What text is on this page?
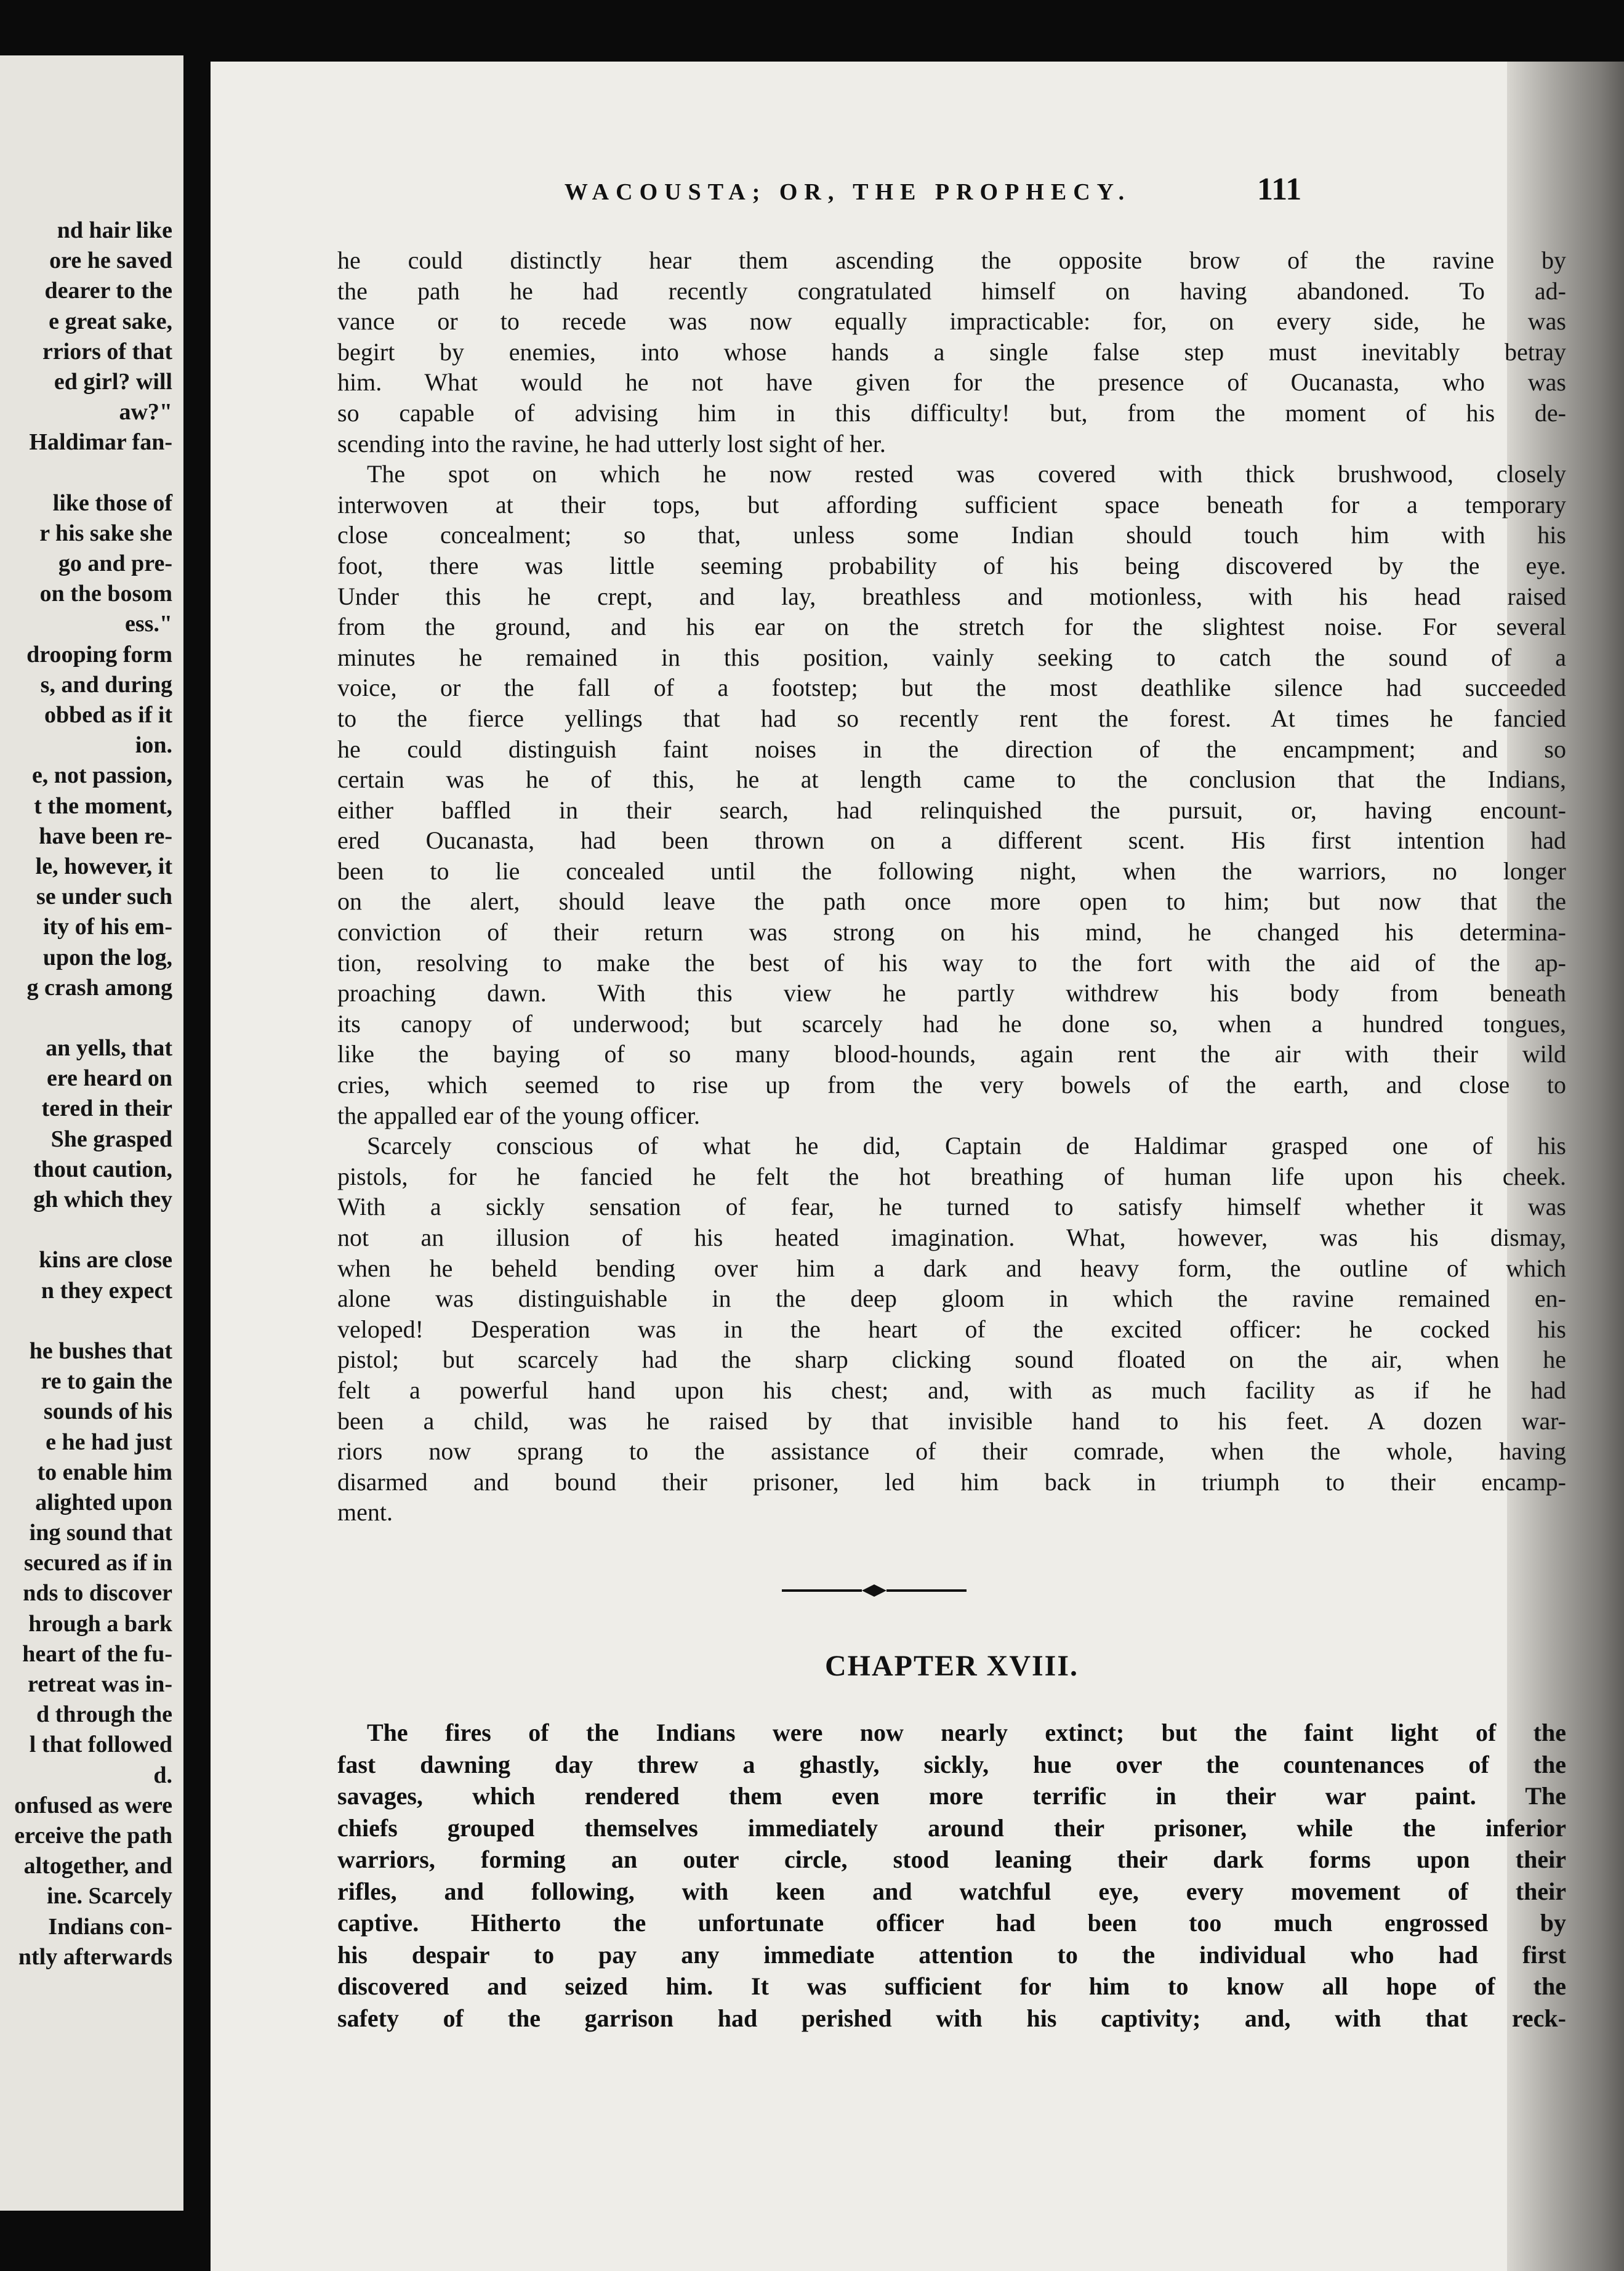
nd hair like
ore he saved
dearer to the
e great sake,
rriors of that
ed girl? will
aw?"
Haldimar fan-
like those of
r his sake she
go and pre-
on the bosom
ess."
drooping form
s, and during
obbed as if it
ion.
e, not passion,
t the moment,
have been re-
le, however, it
se under such
ity of his em-
upon the log,
g crash among
an yells, that
ere heard on
tered in their
She grasped
thout caution,
gh which they
kins are close
n they expect
he bushes that
re to gain the
sounds of his
e he had just
to enable him
alighted upon
ing sound that
secured as if in
nds to discover
hrough a bark
heart of the fu-
retreat was in-
d through the
l that followed
d.
onfused as were
erceive the path
altogether, and
ine. Scarcely
Indians con-
ntly afterwards
WACOUSTA; OR, THE PROPHECY.	111
he could distinctly hear them ascending the opposite brow of the ravine by
the path he had recently congratulated himself on having abandoned. To ad-
vance or to recede was now equally impracticable: for, on every side, he was
begirt by enemies, into whose hands a single false step must inevitably betray
him. What would he not have given for the presence of Oucanasta, who was
so capable of advising him in this difficulty! but, from the moment of his de-
scending into the ravine, he had utterly lost sight of her.
The spot on which he now rested was covered with thick brushwood, closely
interwoven at their tops, but affording sufficient space beneath for a temporary
close concealment; so that, unless some Indian should touch him with his
foot, there was little seeming probability of his being discovered by the eye.
Under this he crept, and lay, breathless and motionless, with his head raised
from the ground, and his ear on the stretch for the slightest noise. For several
minutes he remained in this position, vainly seeking to catch the sound of a
voice, or the fall of a footstep; but the most deathlike silence had succeeded
to the fierce yellings that had so recently rent the forest. At times he fancied
he could distinguish faint noises in the direction of the encampment; and so
certain was he of this, he at length came to the conclusion that the Indians,
either baffled in their search, had relinquished the pursuit, or, having encount-
ered Oucanasta, had been thrown on a different scent. His first intention had
been to lie concealed until the following night, when the warriors, no longer
on the alert, should leave the path once more open to him; but now that the
conviction of their return was strong on his mind, he changed his determina-
tion, resolving to make the best of his way to the fort with the aid of the ap-
proaching dawn. With this view he partly withdrew his body from beneath
its canopy of underwood; but scarcely had he done so, when a hundred tongues,
like the baying of so many blood-hounds, again rent the air with their wild
cries, which seemed to rise up from the very bowels of the earth, and close to
the appalled ear of the young officer.
Scarcely conscious of what he did, Captain de Haldimar grasped one of his
pistols, for he fancied he felt the hot breathing of human life upon his cheek.
With a sickly sensation of fear, he turned to satisfy himself whether it was
not an illusion of his heated imagination. What, however, was his dismay,
when he beheld bending over him a dark and heavy form, the outline of which
alone was distinguishable in the deep gloom in which the ravine remained en-
veloped! Desperation was in the heart of the excited officer: he cocked his
pistol; but scarcely had the sharp clicking sound floated on the air, when he
felt a powerful hand upon his chest; and, with as much facility as if he had
been a child, was he raised by that invisible hand to his feet. A dozen war-
riors now sprang to the assistance of their comrade, when the whole, having
disarmed and bound their prisoner, led him back in triumph to their encamp-
ment.
CHAPTER XVIII.
The fires of the Indians were now nearly extinct; but the faint light of the
fast dawning day threw a ghastly, sickly, hue over the countenances of the
savages, which rendered them even more terrific in their war paint. The
chiefs grouped themselves immediately around their prisoner, while the inferior
warriors, forming an outer circle, stood leaning their dark forms upon their
rifles, and following, with keen and watchful eye, every movement of their
captive. Hitherto the unfortunate officer had been too much engrossed by
his despair to pay any immediate attention to the individual who had first
discovered and seized him. It was sufficient for him to know all hope of the
safety of the garrison had perished with his captivity; and, with that reck-
